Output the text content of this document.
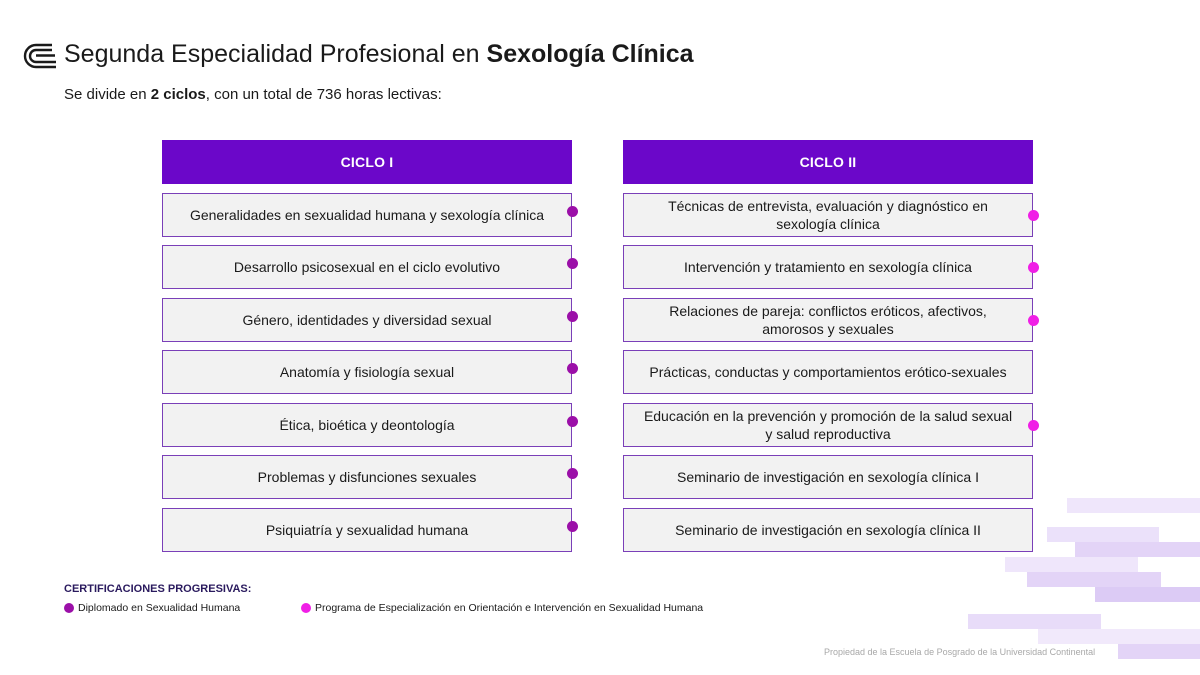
Segunda Especialidad Profesional en Sexología Clínica

Se divide en 2 ciclos, con un total de 736 horas lectivas:

CICLO I
Generalidades en sexualidad humana y sexología clínica
Desarrollo psicosexual en el ciclo evolutivo
Género, identidades y diversidad sexual
Anatomía y fisiología sexual
Ética, bioética y deontología
Problemas y disfunciones sexuales
Psiquiatría y sexualidad humana
CICLO II
Técnicas de entrevista, evaluación y diagnóstico en sexología clínica
Intervención y tratamiento en sexología clínica
Relaciones de pareja: conflictos eróticos, afectivos, amorosos y sexuales
Prácticas, conductas y comportamientos erótico-sexuales
Educación en la prevención y promoción de la salud sexual y salud reproductiva
Seminario de investigación en sexología clínica I
Seminario de investigación en sexología clínica II
CERTIFICACIONES PROGRESIVAS:
Diplomado en Sexualidad Humana	Programa de Especialización en Orientación e Intervención en Sexualidad Humana
Propiedad de la Escuela de Posgrado de la Universidad Continental
